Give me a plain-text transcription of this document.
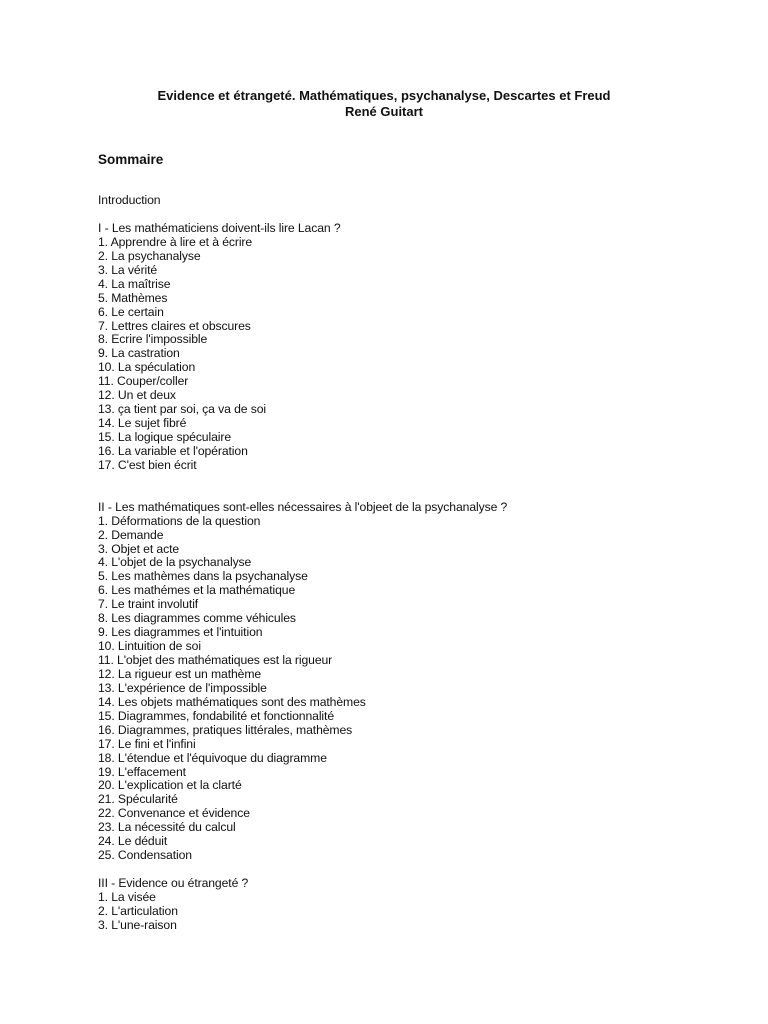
Evidence et étrangeté. Mathématiques, psychanalyse, Descartes et Freud
René Guitart
Sommaire
Introduction
I - Les mathématiciens doivent-ils lire Lacan ?
1. Apprendre à lire et à écrire
2. La psychanalyse
3. La vérité
4. La maîtrise
5. Mathèmes
6. Le certain
7. Lettres claires et obscures
8. Ecrire l'impossible
9. La castration
10. La spéculation
11. Couper/coller
12. Un et deux
13. ça tient par soi, ça va de soi
14. Le sujet fibré
15. La logique spéculaire
16. La variable et l'opération
17. C'est bien écrit
II - Les mathématiques sont-elles nécessaires à l'objeet de la psychanalyse ?
1. Déformations de la question
2. Demande
3. Objet et acte
4. L'objet de la psychanalyse
5. Les mathèmes dans la psychanalyse
6. Les mathémes et la mathématique
7. Le traint involutif
8. Les diagrammes comme véhicules
9. Les diagrammes et l'intuition
10. Lintuition de soi
11. L'objet des mathématiques est la rigueur
12. La rigueur est un mathème
13. L'expérience de l'impossible
14. Les objets mathématiques sont des mathèmes
15. Diagrammes, fondabilité et fonctionnalité
16. Diagrammes, pratiques littérales, mathèmes
17. Le fini et l'infini
18. L'étendue et l'équivoque du diagramme
19. L'effacement
20. L'explication et la clarté
21. Spécularité
22. Convenance et évidence
23. La nécessité du calcul
24. Le déduit
25. Condensation
III - Evidence ou étrangeté ?
1. La visée
2. L'articulation
3. L'une-raison
